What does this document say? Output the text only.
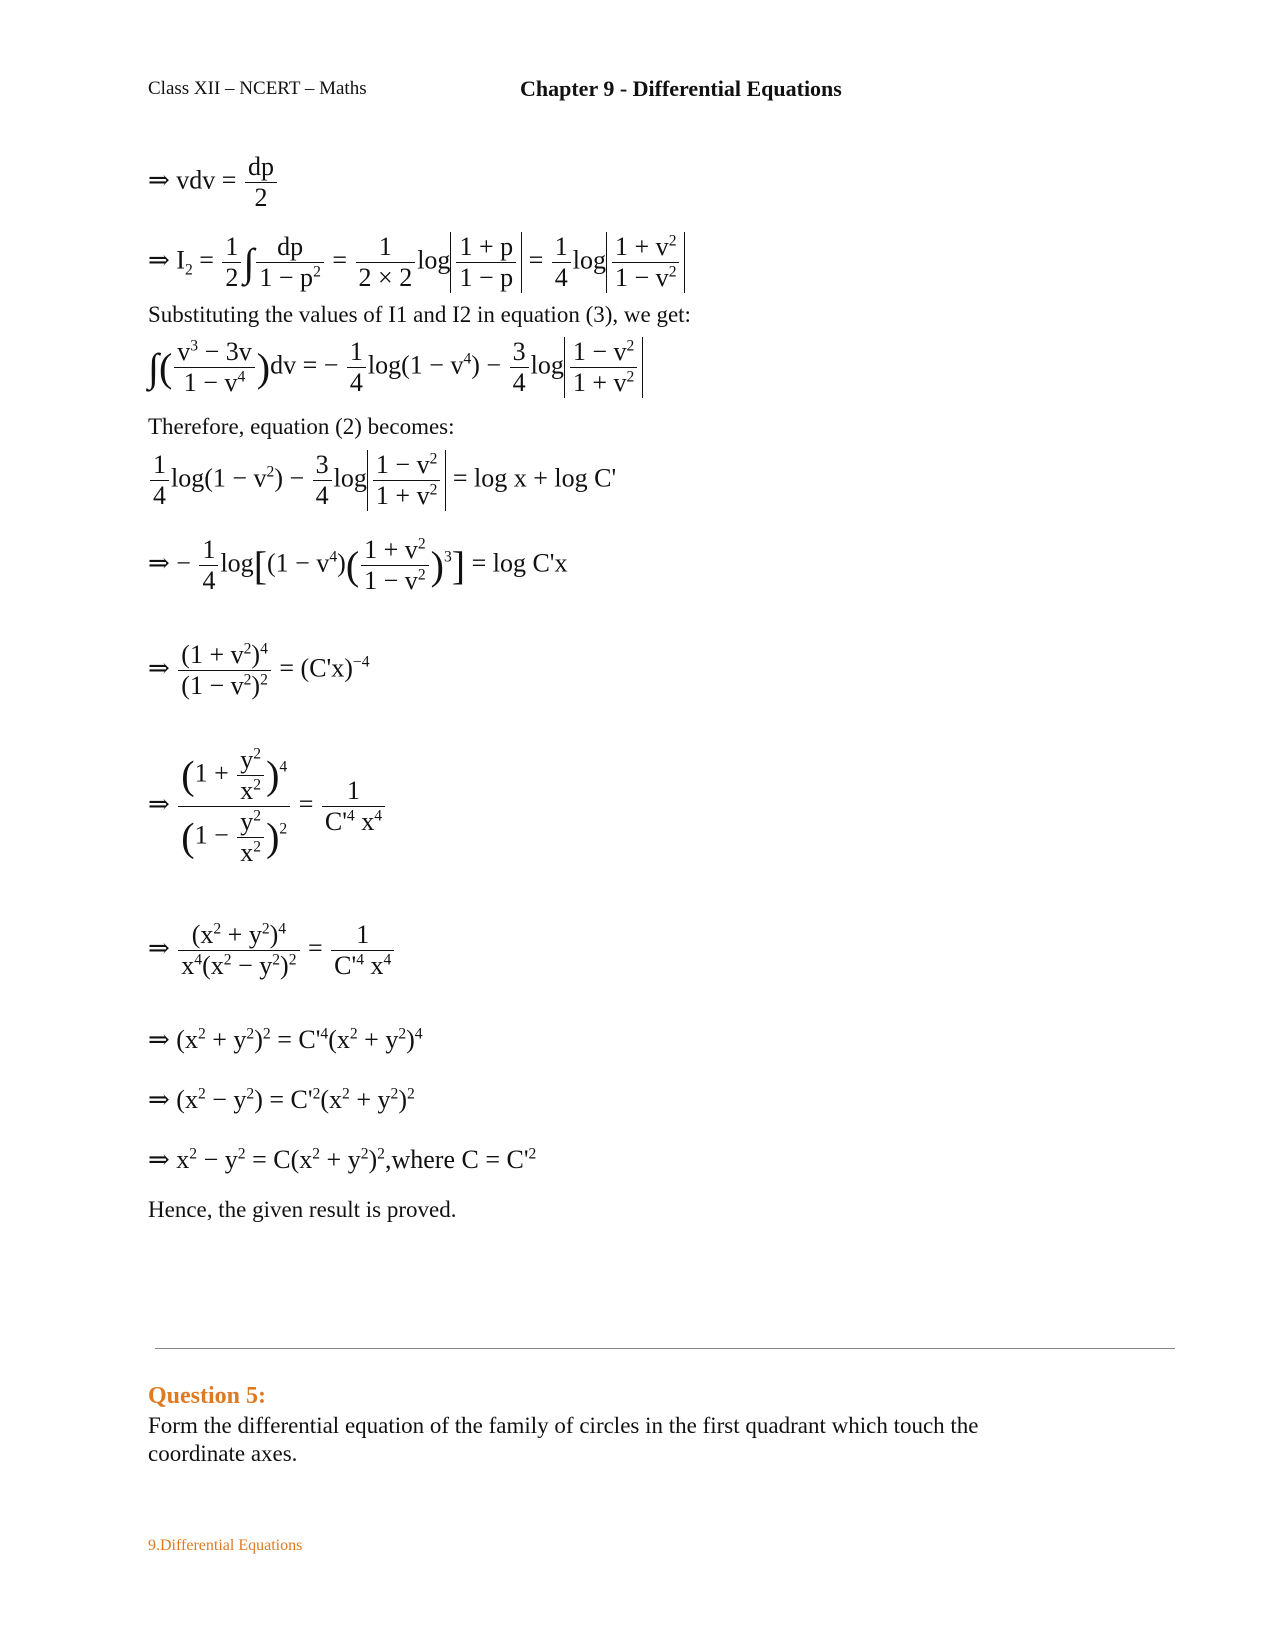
Class XII – NCERT – Maths	Chapter 9 - Differential Equations
⇒ vdv = $\frac{dp}{2}$
⇒ $I_2 = \frac{1}{2}$ ∫ $\frac{dp}{1 - p^2} = \frac{1}{2 \times 2}$ $\log \frac{1 + p}{1 - p} = \frac{1}{4}$ $\log \frac{1 + v^2}{1 - v^2}$
Substituting the values of I1 and I2 in equation (3), we get:
∫( $\frac{v^3 - 3v}{1 - v^4} )dv$ = − $\frac{1}{4} \log(1 - v^4) - \frac{3}{4}$ $\log \frac{1 - v^2}{1 + v^2}$
Therefore, equation (2) becomes:
$\frac{1}{4} \log(1 - v^2) - \frac{3}{4}$ $\log \frac{1 - v^2}{1 + v^2} = \log x + \log C'$
⇒ − $\frac{1}{4} \log[(1 - v^4)( \frac{1 + v^2}{1 - v^2} )^3] = \log C'x$
⇒ $\frac{(1 + v^2)^4}{(1 - v^2)^2} = (C'x)^{-4}$
⇒ $\frac{(1 + \frac{y^2}{x^2} )^4}{(1 - \frac{y^2}{x^2} )^2} = \frac{1}{C'^4 x^4}$
⇒ $\frac{(x^2 + y^2)^4}{x^4(x^2 - y^2)^2} = \frac{1}{C'^4 x^4}$
⇒ $(x^2 + y^2)^2 = C'^4(x^2 + y^2)^4$
⇒ $(x^2 - y^2) = C'^2(x^2 + y^2)^2$
⇒ $x^2 - y^2 = C(x^2$ + $y^2)^2,where$ $C = C'^2$
Hence, the given result is proved.
Question 5:
Form the differential equation of the family of circles in the first quadrant which touch the coordinate axes.
9.Differential Equations
